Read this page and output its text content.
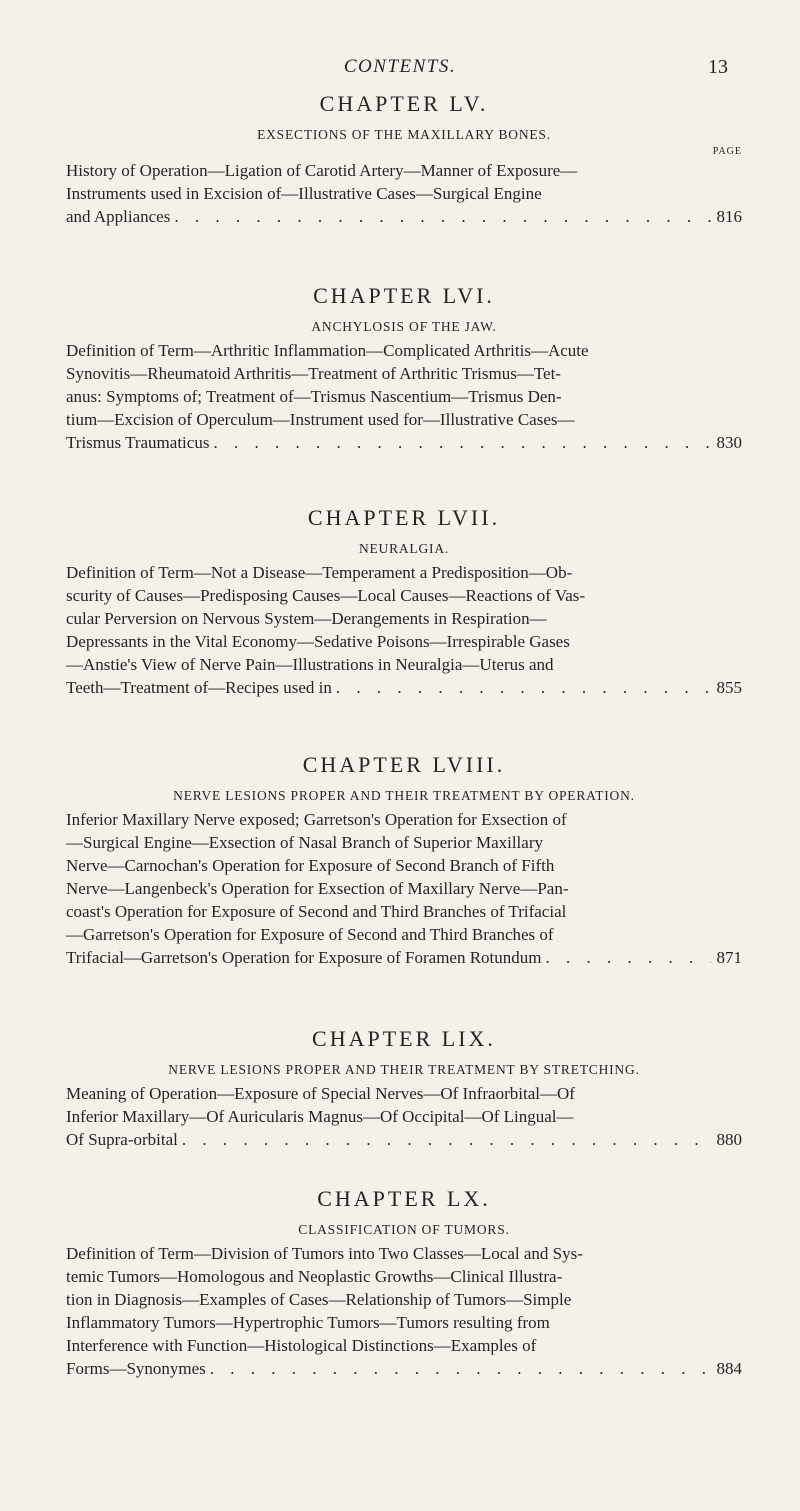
CONTENTS.	13
CHAPTER LV.
EXSECTIONS OF THE MAXILLARY BONES.
PAGE
History of Operation—Ligation of Carotid Artery—Manner of Exposure—
Instruments used in Excision of—Illustrative Cases—Surgical Engine
and Appliances . . .	816
CHAPTER LVI.
ANCHYLOSIS OF THE JAW.
Definition of Term—Arthritic Inflammation—Complicated Arthritis—Acute
Synovitis—Rheumatoid Arthritis—Treatment of Arthritic Trismus—Tet-
anus: Symptoms of; Treatment of—Trismus Nascentium—Trismus Den-
tium—Excision of Operculum—Instrument used for—Illustrative Cases—
Trismus Traumaticus . . .	830
CHAPTER LVII.
NEURALGIA.
Definition of Term—Not a Disease—Temperament a Predisposition—Ob-
scurity of Causes—Predisposing Causes—Local Causes—Reactions of Vas-
cular Perversion on Nervous System—Derangements in Respiration—
Depressants in the Vital Economy—Sedative Poisons—Irrespirable Gases
—Anstie's View of Nerve Pain—Illustrations in Neuralgia—Uterus and
Teeth—Treatment of—Recipes used in . . .	855
CHAPTER LVIII.
NERVE LESIONS PROPER AND THEIR TREATMENT BY OPERATION.
Inferior Maxillary Nerve exposed; Garretson's Operation for Exsection of
—Surgical Engine—Exsection of Nasal Branch of Superior Maxillary
Nerve—Carnochan's Operation for Exposure of Second Branch of Fifth
Nerve—Langenbeck's Operation for Exsection of Maxillary Nerve—Pan-
coast's Operation for Exposure of Second and Third Branches of Trifacial
—Garretson's Operation for Exposure of Second and Third Branches of
Trifacial—Garretson's Operation for Exposure of Foramen Rotundum . . .	871
CHAPTER LIX.
NERVE LESIONS PROPER AND THEIR TREATMENT BY STRETCHING.
Meaning of Operation—Exposure of Special Nerves—Of Infraorbital—Of
Inferior Maxillary—Of Auricularis Magnus—Of Occipital—Of Lingual—
Of Supra-orbital . . .	880
CHAPTER LX.
CLASSIFICATION OF TUMORS.
Definition of Term—Division of Tumors into Two Classes—Local and Sys-
temic Tumors—Homologous and Neoplastic Growths—Clinical Illustra-
tion in Diagnosis—Examples of Cases—Relationship of Tumors—Simple
Inflammatory Tumors—Hypertrophic Tumors—Tumors resulting from
Interference with Function—Histological Distinctions—Examples of
Forms—Synonymes . . .	884
